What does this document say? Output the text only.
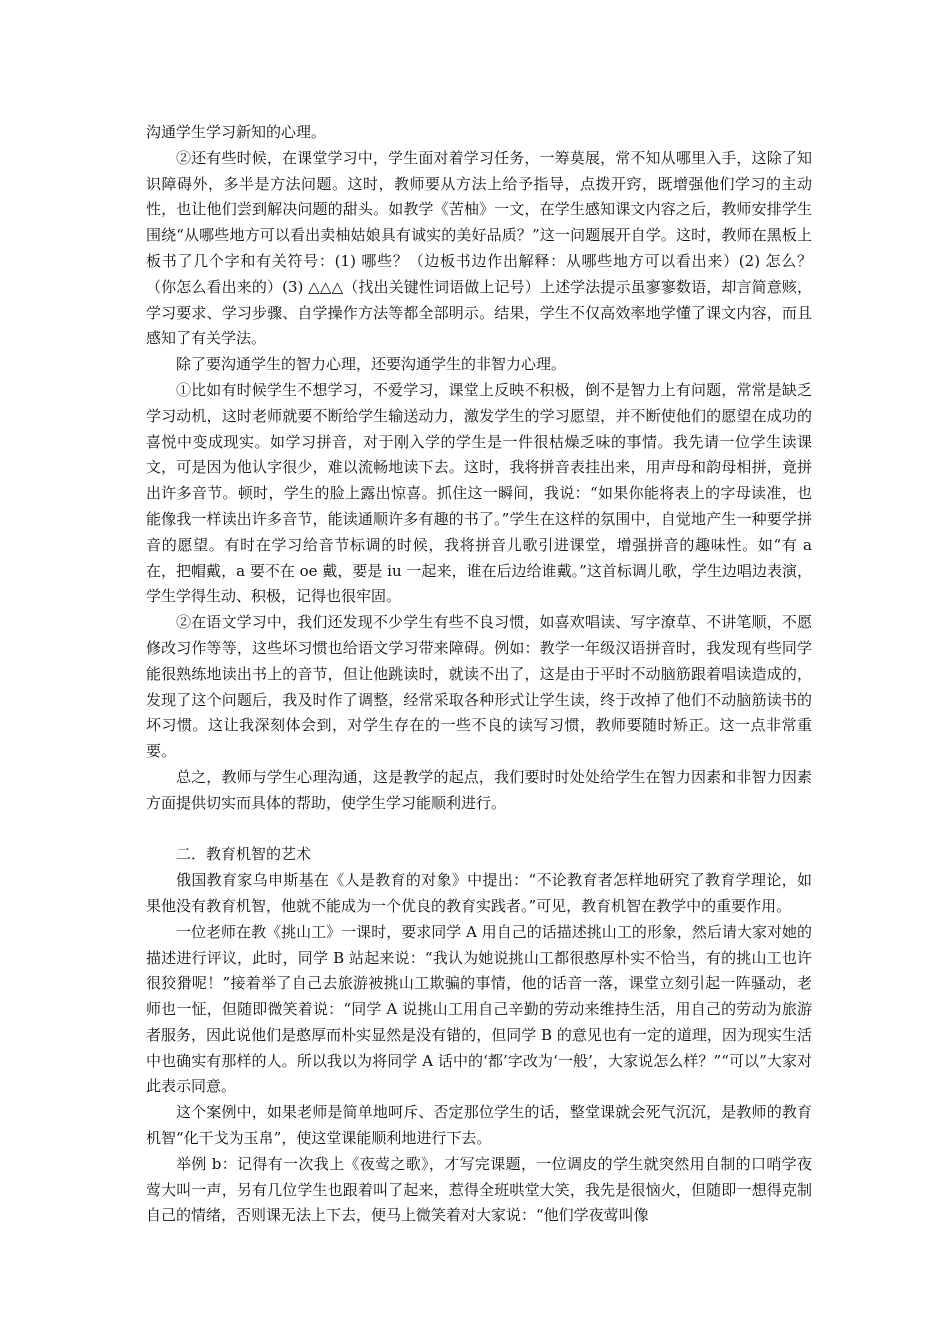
沟通学生学习新知的心理。

②还有些时候，在课堂学习中，学生面对着学习任务，一筹莫展，常不知从哪里入手，这除了知识障碍外，多半是方法问题。这时，教师要从方法上给予指导，点拨开窍，既增强他们学习的主动性，也让他们尝到解决问题的甜头。如教学《苦柚》一文，在学生感知课文内容之后，教师安排学生围绕“从哪些地方可以看出卖柚姑娘具有诚实的美好品质？”这一问题展开自学。这时，教师在黑板上板书了几个字和有关符号：(1) 哪些？（边板书边作出解释：从哪些地方可以看出来）(2) 怎么？（你怎么看出来的）(3) △△△（找出关键性词语做上记号）上述学法提示虽寥寥数语，却言简意赅，学习要求、学习步骤、自学操作方法等都全部明示。结果，学生不仅高效率地学懂了课文内容，而且感知了有关学法。

除了要沟通学生的智力心理，还要沟通学生的非智力心理。

①比如有时候学生不想学习，不爱学习，课堂上反映不积极，倒不是智力上有问题，常常是缺乏学习动机，这时老师就要不断给学生输送动力，激发学生的学习愿望，并不断使他们的愿望在成功的喜悦中变成现实。如学习拼音，对于刚入学的学生是一件很枯燥乏味的事情。我先请一位学生读课文，可是因为他认字很少，难以流畅地读下去。这时，我将拼音表挂出来，用声母和韵母相拼，竟拼出许多音节。顿时，学生的脸上露出惊喜。抓住这一瞬间，我说：“如果你能将表上的字母读准，也能像我一样读出许多音节，能读通顺许多有趣的书了。”学生在这样的氛围中，自觉地产生一种要学拼音的愿望。有时在学习给音节标调的时候，我将拼音儿歌引进课堂，增强拼音的趣味性。如“有 a 在，把帽戴，a 要不在 oe 戴，要是 iu 一起来，谁在后边给谁戴。”这首标调儿歌，学生边唱边表演，学生学得生动、积极，记得也很牢固。

②在语文学习中，我们还发现不少学生有些不良习惯，如喜欢唱读、写字潦草、不讲笔顺，不愿修改习作等等，这些坏习惯也给语文学习带来障碍。例如：教学一年级汉语拼音时，我发现有些同学能很熟练地读出书上的音节，但让他跳读时，就读不出了，这是由于平时不动脑筋跟着唱读造成的，发现了这个问题后，我及时作了调整，经常采取各种形式让学生读，终于改掉了他们不动脑筋读书的坏习惯。这让我深刻体会到，对学生存在的一些不良的读写习惯，教师要随时矫正。这一点非常重要。

总之，教师与学生心理沟通，这是教学的起点，我们要时时处处给学生在智力因素和非智力因素方面提供切实而具体的帮助，使学生学习能顺利进行。

二．教育机智的艺术

俄国教育家乌申斯基在《人是教育的对象》中提出：“不论教育者怎样地研究了教育学理论，如果他没有教育机智，他就不能成为一个优良的教育实践者。”可见，教育机智在教学中的重要作用。

一位老师在教《挑山工》一课时，要求同学 A 用自己的话描述挑山工的形象，然后请大家对她的描述进行评议，此时，同学 B 站起来说：“我认为她说挑山工都很憨厚朴实不恰当，有的挑山工也许很狡猾呢！”接着举了自己去旅游被挑山工欺骗的事情，他的话音一落，课堂立刻引起一阵骚动，老师也一怔，但随即微笑着说：“同学 A 说挑山工用自己辛勤的劳动来维持生活，用自己的劳动为旅游者服务，因此说他们是憨厚而朴实显然是没有错的，但同学 B 的意见也有一定的道理，因为现实生活中也确实有那样的人。所以我以为将同学 A 话中的‘都’字改为‘一般’，大家说怎么样？”“可以”大家对此表示同意。

这个案例中，如果老师是简单地呵斥、否定那位学生的话，整堂课就会死气沉沉，是教师的教育机智“化干戈为玉帛”，使这堂课能顺利地进行下去。

举例 b：记得有一次我上《夜莺之歌》，才写完课题，一位调皮的学生就突然用自制的口哨学夜莺大叫一声，另有几位学生也跟着叫了起来，惹得全班哄堂大笑，我先是很恼火，但随即一想得克制自己的情绪，否则课无法上下去，便马上微笑着对大家说：“他们学夜莺叫像
